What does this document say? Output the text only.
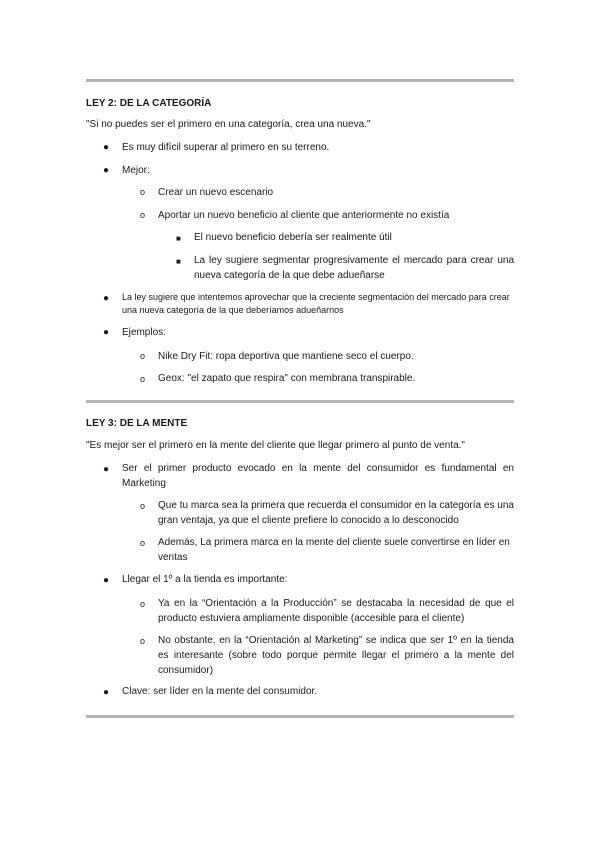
LEY 2: DE LA CATEGORÍA
"Si no puedes ser el primero en una categoría, crea una nueva."
● Es muy difícil superar al primero en su terreno.
● Mejor:
o Crear un nuevo escenario
o Aportar un nuevo beneficio al cliente que anteriormente no existía
■ El nuevo beneficio debería ser realmente útil
■ La ley sugiere segmentar progresivamente el mercado para crear una nueva categoría de la que debe adueñarse
● La ley sugiere que intentemos aprovechar que la creciente segmentación del mercado para crear una nueva categoría de la que deberíamos adueñarnos
● Ejemplos:
o Nike Dry Fit: ropa deportiva que mantiene seco el cuerpo.
o Geox: "el zapato que respira" con membrana transpirable.
LEY 3: DE LA MENTE
"Es mejor ser el primero en la mente del cliente que llegar primero al punto de venta."
● Ser el primer producto evocado en la mente del consumidor es fundamental en Marketing
o Que tu marca sea la primera que recuerda el consumidor en la categoría es una gran ventaja, ya que el cliente prefiere lo conocido a lo desconocido
o Además, La primera marca en la mente del cliente suele convertirse en líder en ventas
● Llegar el 1º a la tienda es importante:
o Ya en la “Orientación a la Producción” se destacaba la necesidad de que el producto estuviera ampliamente disponible (accesible para el cliente)
o No obstante, en la “Orientación al Marketing” se indica que ser 1º en la tienda es interesante (sobre todo porque permite llegar el primero a la mente del consumidor)
● Clave: ser líder en la mente del consumidor.
